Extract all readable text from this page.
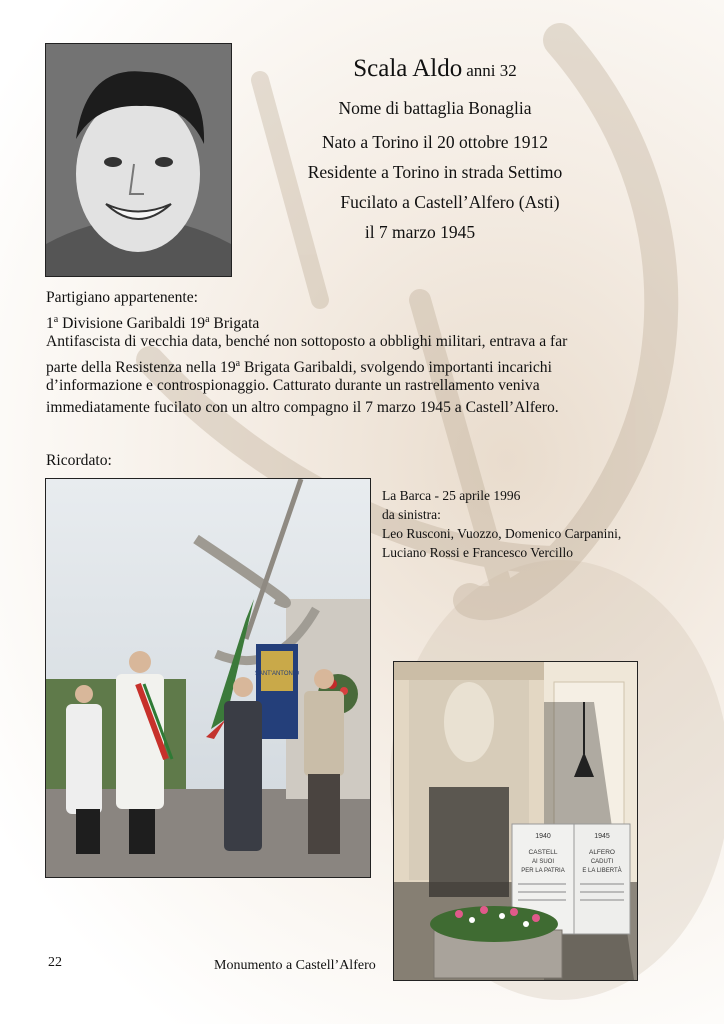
Scala Aldo anni 32
Nome di battaglia Bonaglia
Nato a Torino il 20 ottobre 1912
Residente a Torino in strada Settimo
Fucilato a Castell’Alfero (Asti)
il 7 marzo 1945
Partigiano appartenente:
1$^a$ Divisione Garibaldi 19$^a$ Brigata
Antifascista di vecchia data, benché non sottoposto a obblighi militari, entrava a far
parte della Resistenza nella 19$^a$ Brigata Garibaldi, svolgendo importanti incarichi
d’informazione e controspionaggio. Catturato durante un rastrellamento veniva
immediatamente fucilato con un altro compagno il 7 marzo 1945 a Castell’Alfero.
Ricordato:
SANT'ANTONIO
La Barca - 25 aprile 1996
da sinistra:
Leo Rusconi, Vuozzo, Domenico Carpanini,
Luciano Rossi e Francesco Vercillo
1940	1945
CASTELL
AI SUOI
PER LA PATRIA
ALFERO
CADUTI
E LA LIBERTÀ
22	Monumento a Castell’Alfero
